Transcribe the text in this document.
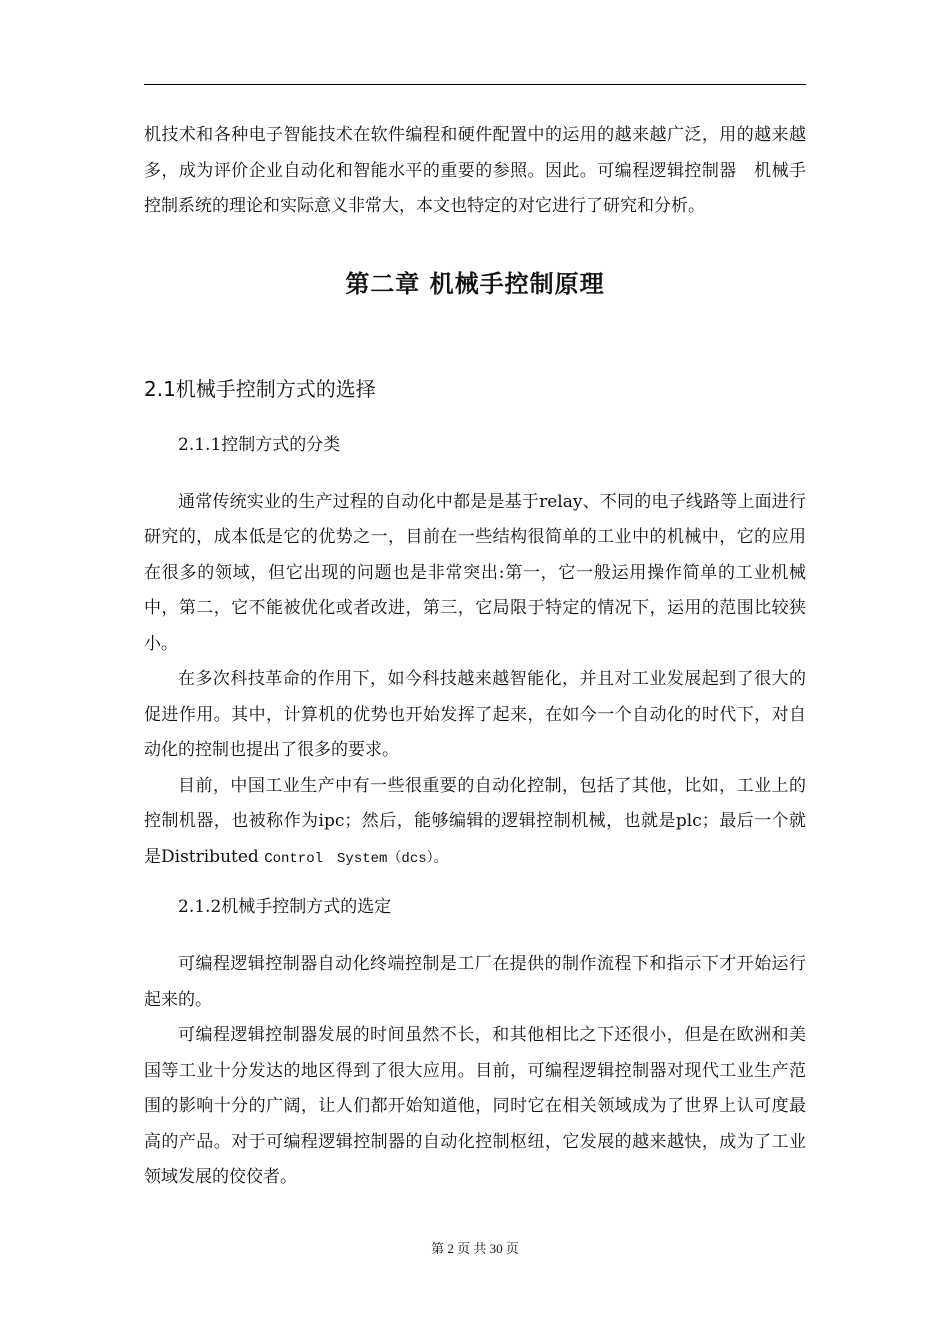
机技术和各种电子智能技术在软件编程和硬件配置中的运用的越来越广泛，用的越来越多，成为评价企业自动化和智能水平的重要的参照。因此。可编程逻辑控制器　机械手控制系统的理论和实际意义非常大，本文也特定的对它进行了研究和分析。

第二章 机械手控制原理
2.1机械手控制方式的选择
2.1.1控制方式的分类

通常传统实业的生产过程的自动化中都是是基于relay、不同的电子线路等上面进行研究的，成本低是它的优势之一，目前在一些结构很简单的工业中的机械中，它的应用在很多的领域，但它出现的问题也是非常突出:第一，它一般运用操作简单的工业机械中，第二，它不能被优化或者改进，第三，它局限于特定的情况下，运用的范围比较狭小。

在多次科技革命的作用下，如今科技越来越智能化，并且对工业发展起到了很大的促进作用。其中，计算机的优势也开始发挥了起来，在如今一个自动化的时代下，对自动化的控制也提出了很多的要求。

目前，中国工业生产中有一些很重要的自动化控制，包括了其他，比如，工业上的控制机器，也被称作为ipc；然后，能够编辑的逻辑控制机械，也就是plc；最后一个就是Distributed Control　System（dcs）。

2.1.2机械手控制方式的选定

可编程逻辑控制器自动化终端控制是工厂在提供的制作流程下和指示下才开始运行起来的。

可编程逻辑控制器发展的时间虽然不长，和其他相比之下还很小，但是在欧洲和美国等工业十分发达的地区得到了很大应用。目前，可编程逻辑控制器对现代工业生产范围的影响十分的广阔，让人们都开始知道他，同时它在相关领域成为了世界上认可度最高的产品。对于可编程逻辑控制器的自动化控制枢纽，它发展的越来越快，成为了工业领域发展的佼佼者。

第 2 页 共 30 页
